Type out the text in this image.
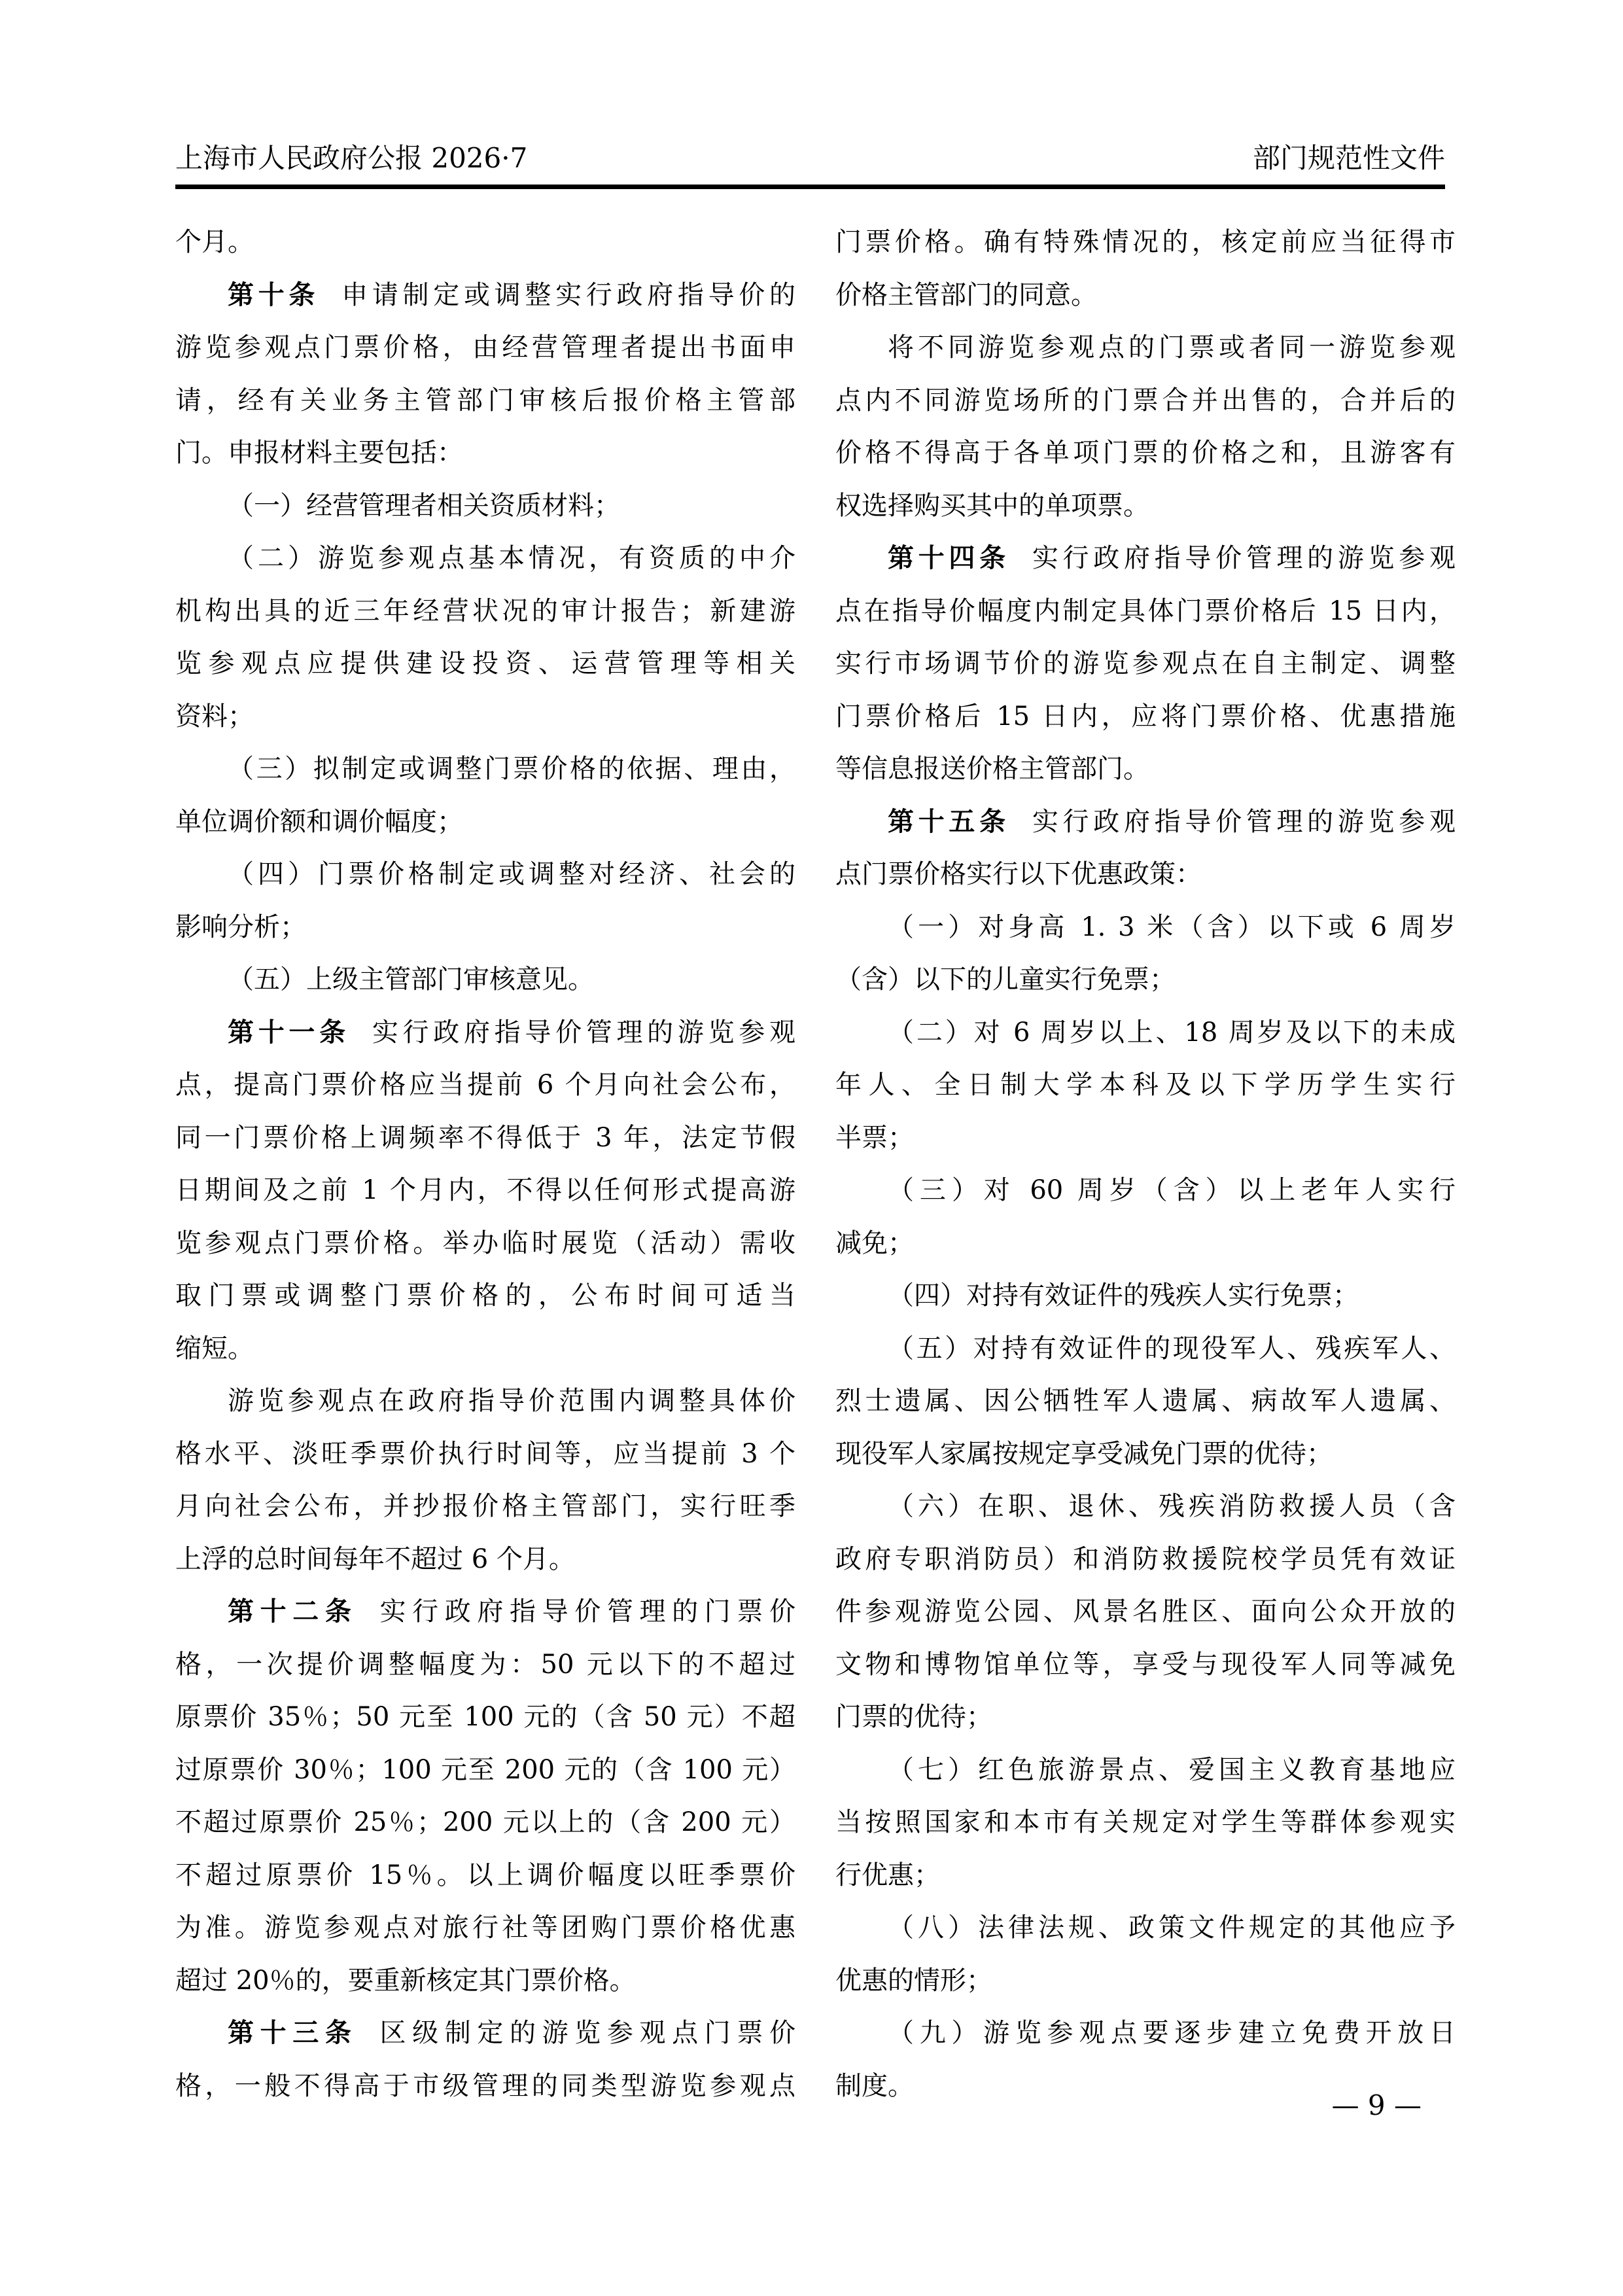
上海市人民政府公报 2026·7	部门规范性文件
个月。
第十条 申请制定或调整实行政府指导价的
游览参观点门票价格，由经营管理者提出书面申
请，经有关业务主管部门审核后报价格主管部
门。申报材料主要包括：
（一）经营管理者相关资质材料；
（二）游览参观点基本情况，有资质的中介
机构出具的近三年经营状况的审计报告；新建游
览参观点应提供建设投资、运营管理等相关
资料；
（三）拟制定或调整门票价格的依据、理由，
单位调价额和调价幅度；
（四）门票价格制定或调整对经济、社会的
影响分析；
（五）上级主管部门审核意见。
第十一条 实行政府指导价管理的游览参观
点，提高门票价格应当提前 6 个月向社会公布，
同一门票价格上调频率不得低于 3 年，法定节假
日期间及之前 1 个月内，不得以任何形式提高游
览参观点门票价格。举办临时展览（活动）需收
取门票或调整门票价格的，公布时间可适当
缩短。
游览参观点在政府指导价范围内调整具体价
格水平、淡旺季票价执行时间等，应当提前 3 个
月向社会公布，并抄报价格主管部门，实行旺季
上浮的总时间每年不超过 6 个月。
第十二条 实行政府指导价管理的门票价
格，一次提价调整幅度为：50 元以下的不超过
原票价 35％；50 元至 100 元的（含 50 元）不超
过原票价 30％；100 元至 200 元的（含 100 元）
不超过原票价 25％；200 元以上的（含 200 元）
不超过原票价 15％。以上调价幅度以旺季票价
为准。游览参观点对旅行社等团购门票价格优惠
超过 20％的，要重新核定其门票价格。
第十三条 区级制定的游览参观点门票价
格，一般不得高于市级管理的同类型游览参观点
门票价格。确有特殊情况的，核定前应当征得市
价格主管部门的同意。
将不同游览参观点的门票或者同一游览参观
点内不同游览场所的门票合并出售的，合并后的
价格不得高于各单项门票的价格之和，且游客有
权选择购买其中的单项票。
第十四条 实行政府指导价管理的游览参观
点在指导价幅度内制定具体门票价格后 15 日内，
实行市场调节价的游览参观点在自主制定、调整
门票价格后 15 日内，应将门票价格、优惠措施
等信息报送价格主管部门。
第十五条 实行政府指导价管理的游览参观
点门票价格实行以下优惠政策：
（一）对身高 1. 3 米（含）以下或 6 周岁
（含）以下的儿童实行免票；
（二）对 6 周岁以上、18 周岁及以下的未成
年人、全日制大学本科及以下学历学生实行
半票；
（三）对 60 周岁（含）以上老年人实行
减免；
（四）对持有效证件的残疾人实行免票；
（五）对持有效证件的现役军人、残疾军人、
烈士遗属、因公牺牲军人遗属、病故军人遗属、
现役军人家属按规定享受减免门票的优待；
（六）在职、退休、残疾消防救援人员（含
政府专职消防员）和消防救援院校学员凭有效证
件参观游览公园、风景名胜区、面向公众开放的
文物和博物馆单位等，享受与现役军人同等减免
门票的优待；
（七）红色旅游景点、爱国主义教育基地应
当按照国家和本市有关规定对学生等群体参观实
行优惠；
（八）法律法规、政策文件规定的其他应予
优惠的情形；
（九）游览参观点要逐步建立免费开放日
制度。
— 9 —
